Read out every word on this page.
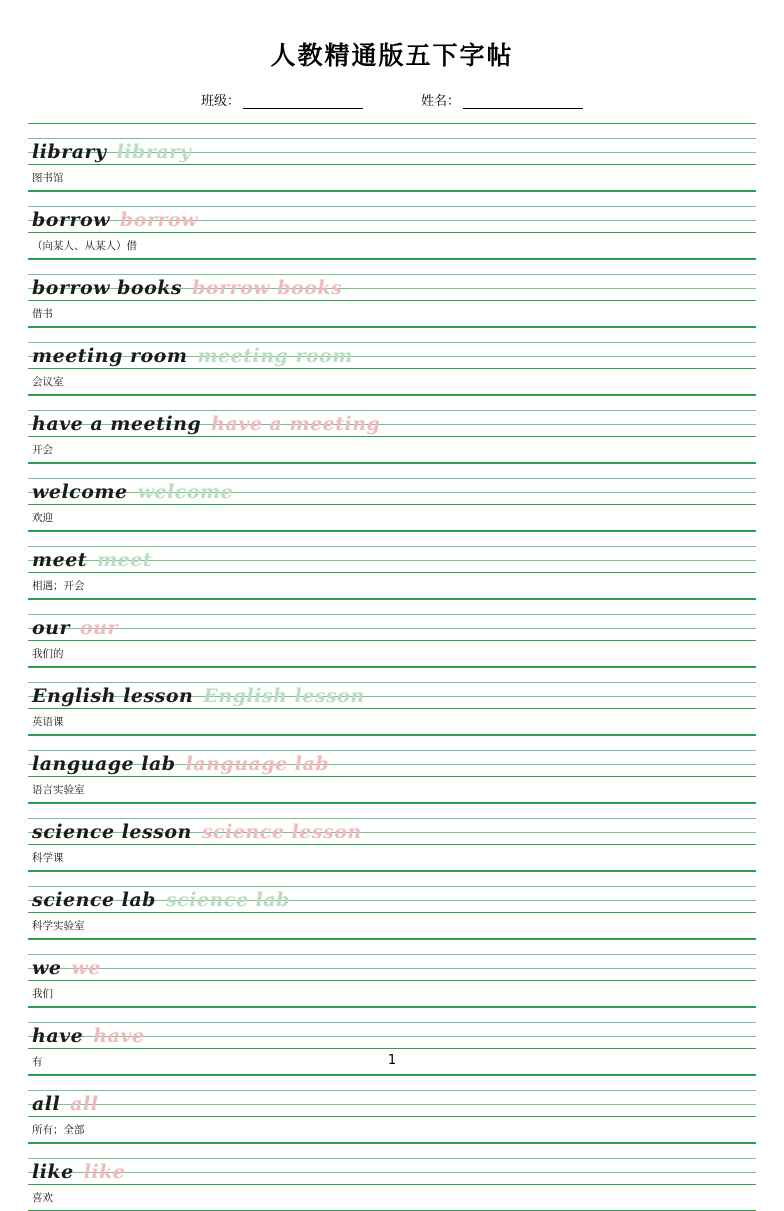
人教精通版五下字帖
班级：	姓名：
library library
图书馆
borrow borrow
（向某人、从某人）借
borrow books borrow books
借书
meeting room meeting room
会议室
have a meeting have a meeting
开会
welcome welcome
欢迎
meet meet
相遇；开会
our our
我们的
English lesson English lesson
英语课
language lab language lab
语言实验室
science lesson science lesson
科学课
science lab science lab
科学实验室
we we
我们
have have
有
all all
所有；全部
like like
喜欢
1
